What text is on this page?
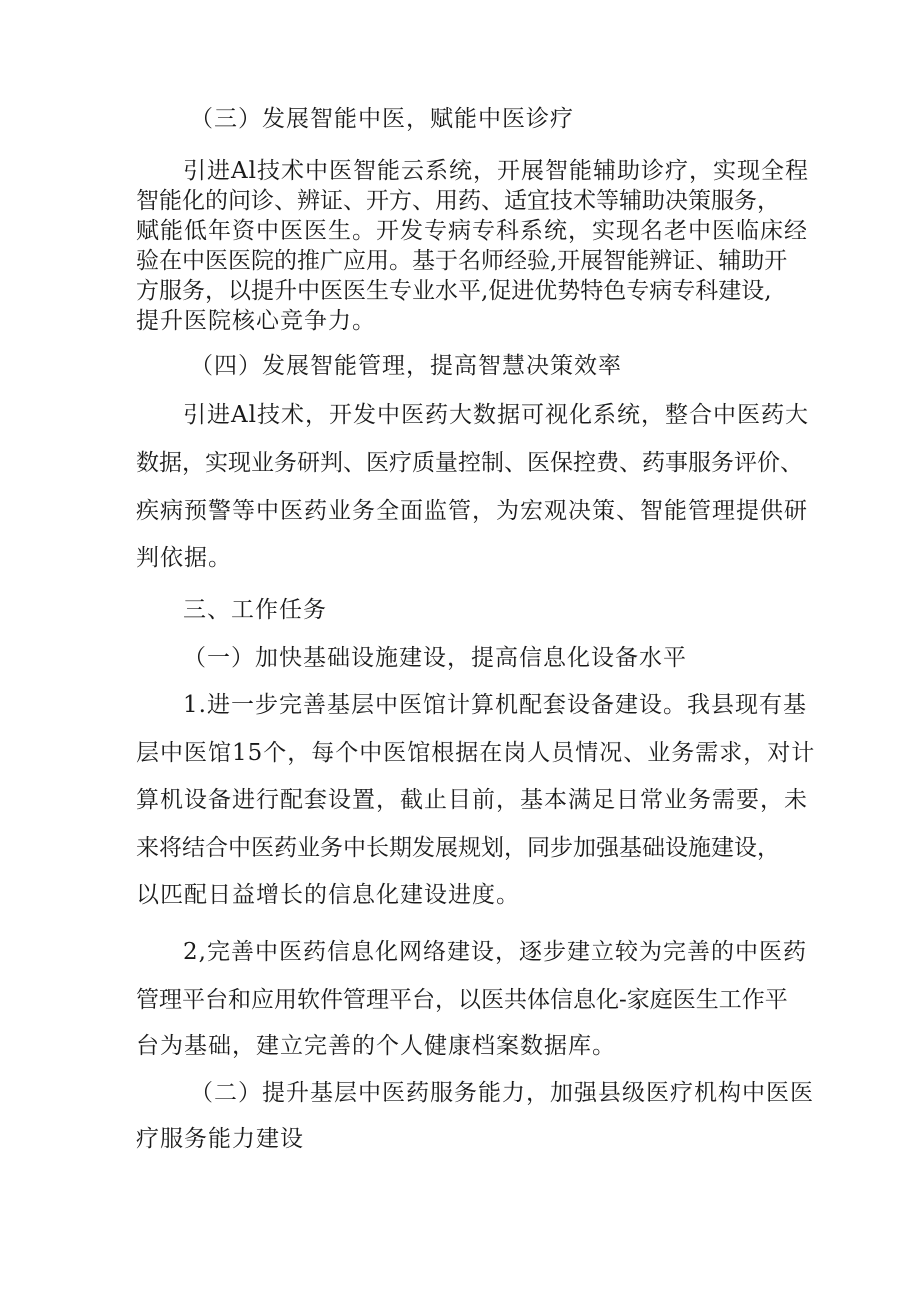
（三）发展智能中医，赋能中医诊疗
引进Al技术中医智能云系统，开展智能辅助诊疗，实现全程
智能化的问诊、辨证、开方、用药、适宜技术等辅助决策服务，
赋能低年资中医医生。开发专病专科系统，实现名老中医临床经
验在中医医院的推广应用。基于名师经验,开展智能辨证、辅助开
方服务，以提升中医医生专业水平,促进优势特色专病专科建设,
提升医院核心竞争力。
（四）发展智能管理，提高智慧决策效率
引进Al技术，开发中医药大数据可视化系统，整合中医药大
数据，实现业务研判、医疗质量控制、医保控费、药事服务评价、
疾病预警等中医药业务全面监管，为宏观决策、智能管理提供研
判依据。
三、工作任务
（一）加快基础设施建设，提高信息化设备水平
1.进一步完善基层中医馆计算机配套设备建设。我县现有基
层中医馆15个，每个中医馆根据在岗人员情况、业务需求，对计
算机设备进行配套设置，截止目前，基本满足日常业务需要，未
来将结合中医药业务中长期发展规划，同步加强基础设施建设，
以匹配日益增长的信息化建设进度。
2,完善中医药信息化网络建设，逐步建立较为完善的中医药
管理平台和应用软件管理平台，以医共体信息化-家庭医生工作平
台为基础，建立完善的个人健康档案数据库。
（二）提升基层中医药服务能力，加强县级医疗机构中医医
疗服务能力建设
